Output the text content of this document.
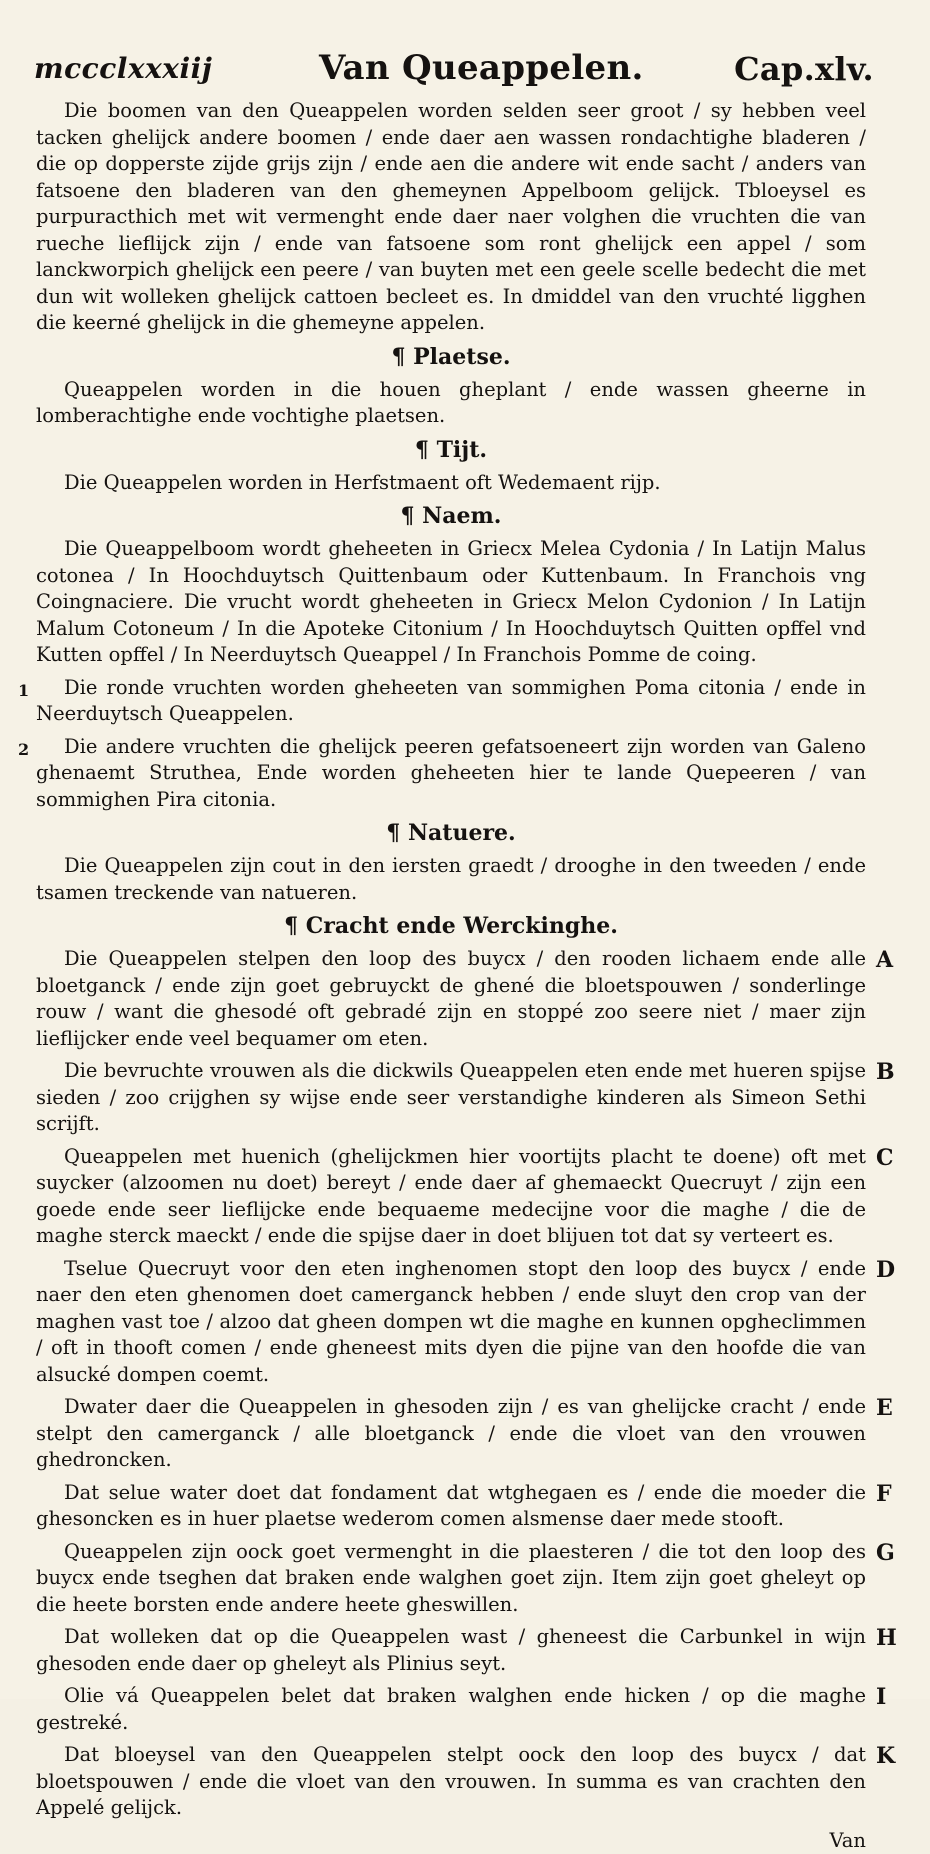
mccclxxxiij	Van Queappelen.	Cap.xlv.

Die boomen van den Queappelen worden selden seer groot / sy hebben veel tacken ghelijck andere boomen / ende daer aen wassen rondachtighe bladeren / die op dopperste zijde grijs zijn / ende aen die andere wit ende sacht / anders van fatsoene den bladeren van den ghemeynen Appelboom gelijck. Tbloeysel es purpuracthich met wit vermenght ende daer naer volghen die vruchten die van rueche lieflijck zijn / ende van fatsoene som ront ghelijck een appel / som lanckworpich ghelijck een peere / van buyten met een geele scelle bedecht die met dun wit wolleken ghelijck cattoen becleet es. In dmiddel van den vruchté ligghen die keerné ghelijck in die ghemeyne appelen.

¶ Plaetse.

Queappelen worden in die houen gheplant / ende wassen gheerne in lomberachtighe ende vochtighe plaetsen.

¶ Tijt.

Die Queappelen worden in Herfstmaent oft Wedemaent rijp.

¶ Naem.

Die Queappelboom wordt gheheeten in Griecx Melea Cydonia / In Latijn Malus cotonea / In Hoochduytsch Quittenbaum oder Kuttenbaum. In Franchois vng Coingnaciere. Die vrucht wordt gheheeten in Griecx Melon Cydonion / In Latijn Malum Cotoneum / In die Apoteke Citonium / In Hoochduytsch Quitten opffel vnd Kutten opffel / In Neerduytsch Queappel / In Franchois Pomme de coing.

Die ronde vruchten worden gheheeten van sommighen Poma citonia / ende in Neerduytsch Queappelen.

Die andere vruchten die ghelijck peeren gefatsoeneert zijn worden van Galeno ghenaemt Struthea, Ende worden gheheeten hier te lande Quepeeren / van sommighen Pira citonia.

¶ Natuere.

Die Queappelen zijn cout in den iersten graedt / drooghe in den tweeden / ende tsamen treckende van natueren.

¶ Cracht ende Werckinghe.

Die Queappelen stelpen den loop des buycx / den rooden lichaem ende alle bloetganck / ende zijn goet gebruyckt de ghené die bloetspouwen / sonderlinge rouw / want die ghesodé oft gebradé zijn en stoppé zoo seere niet / maer zijn lieflijcker ende veel bequamer om eten.

Die bevruchte vrouwen als die dickwils Queappelen eten ende met hueren spijse sieden / zoo crijghen sy wijse ende seer verstandighe kinderen als Simeon Sethi scrijft.

Queappelen met huenich (ghelijckmen hier voortijts placht te doene) oft met suycker (alzoomen nu doet) bereyt / ende daer af ghemaeckt Quecruyt / zijn een goede ende seer lieflijcke ende bequaeme medecijne voor die maghe / die de maghe sterck maeckt / ende die spijse daer in doet blijuen tot dat sy verteert es.

Tselue Quecruyt voor den eten inghenomen stopt den loop des buycx / ende naer den eten ghenomen doet camerganck hebben / ende sluyt den crop van der maghen vast toe / alzoo dat gheen dompen wt die maghe en kunnen opgheclimmen / oft in thooft comen / ende gheneest mits dyen die pijne van den hoofde die van alsucké dompen coemt.

Dwater daer die Queappelen in ghesoden zijn / es van ghelijcke cracht / ende stelpt den camerganck / alle bloetganck / ende die vloet van den vrouwen ghedroncken.

Dat selue water doet dat fondament dat wtghegaen es / ende die moeder die ghesoncken es in huer plaetse wederom comen alsmense daer mede stooft.

Queappelen zijn oock goet vermenght in die plaesteren / die tot den loop des buycx ende tseghen dat braken ende walghen goet zijn. Item zijn goet gheleyt op die heete borsten ende andere heete gheswillen.

Dat wolleken dat op die Queappelen wast / gheneest die Carbunkel in wijn ghesoden ende daer op gheleyt als Plinius seyt.

Olie vá Queappelen belet dat braken walghen ende hicken / op die maghe gestreké.

Dat bloeysel van den Queappelen stelpt oock den loop des buycx / dat bloetspouwen / ende die vloet van den vrouwen. In summa es van crachten den Appelé gelijck.

Van

1
2
A
B
C
D
E
F
G
H
I
K
